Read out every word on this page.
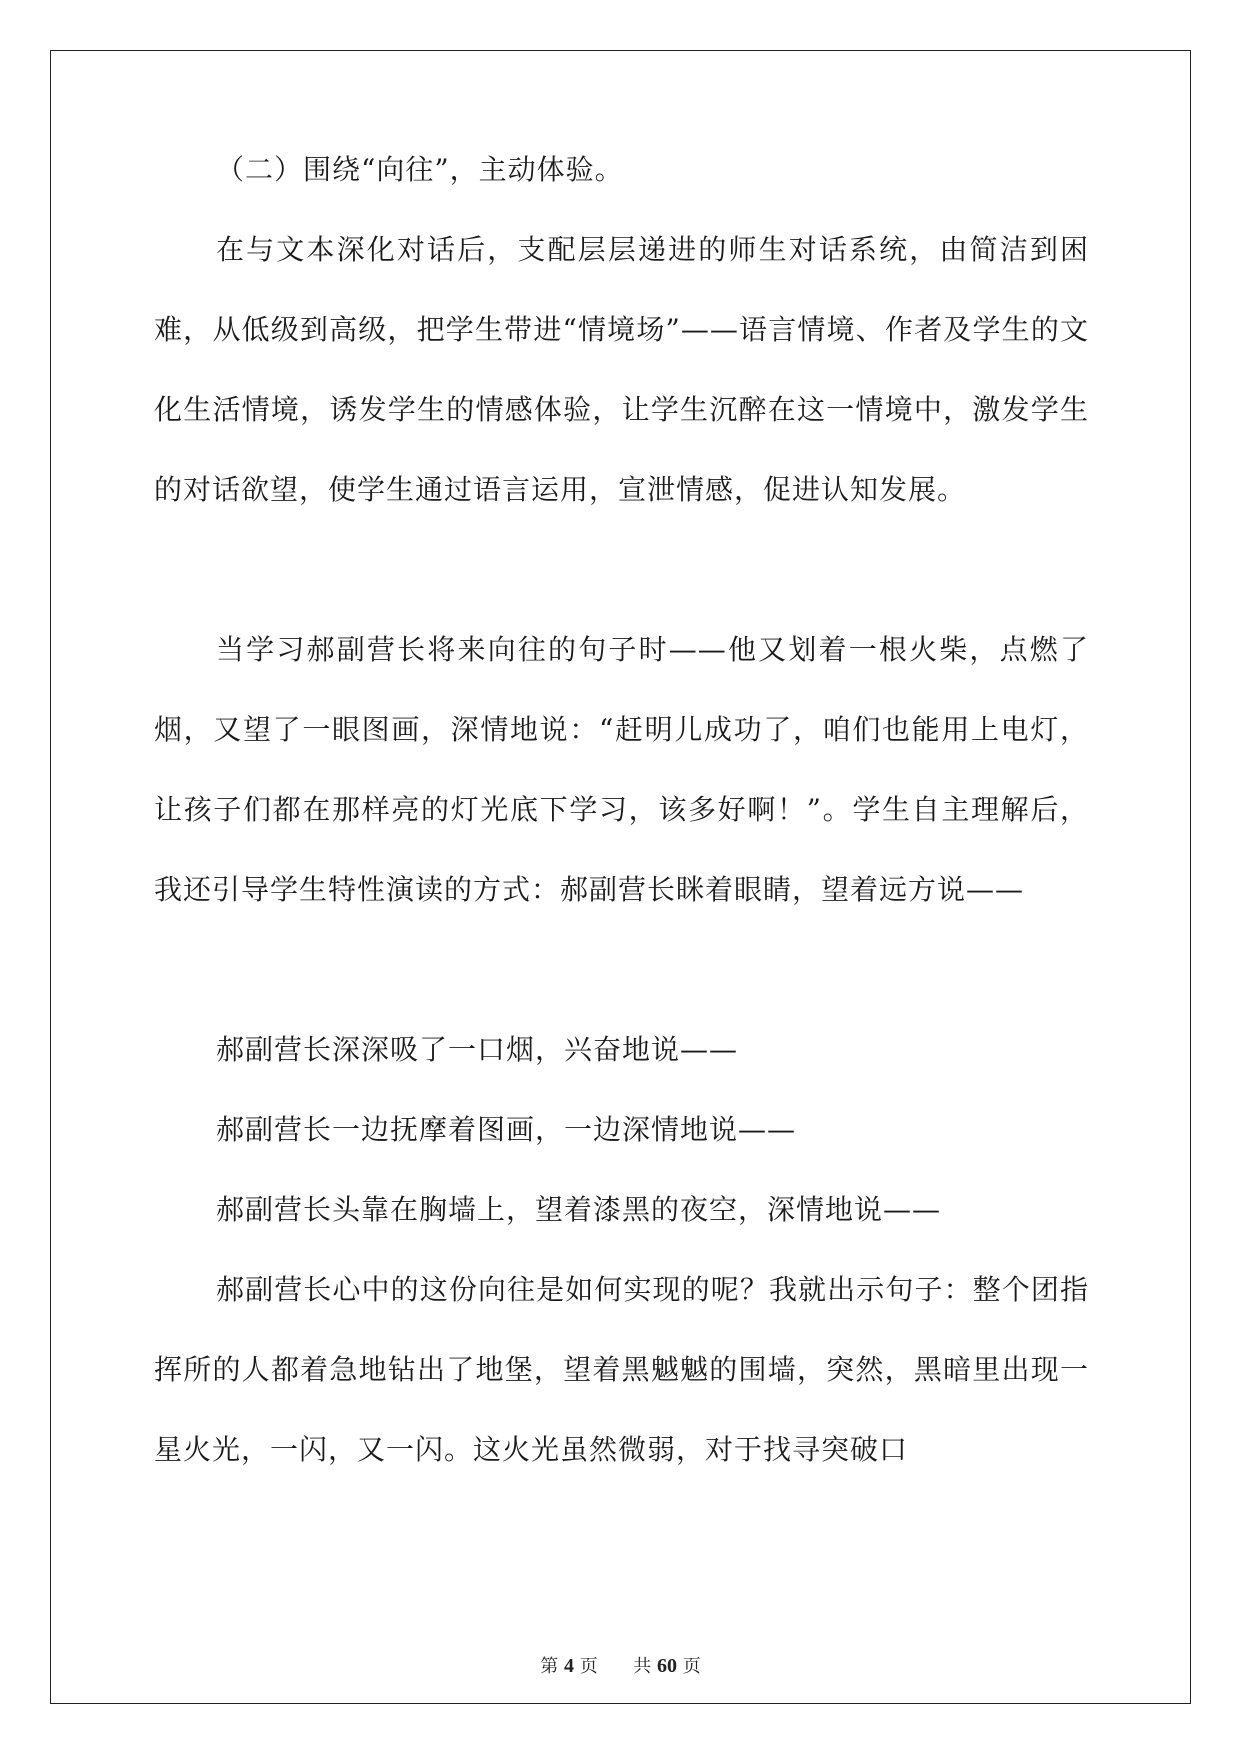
（二）围绕“向往”，主动体验。

在与文本深化对话后，支配层层递进的师生对话系统，由简洁到困难，从低级到高级，把学生带进“情境场”——语言情境、作者及学生的文化生活情境，诱发学生的情感体验，让学生沉醉在这一情境中，激发学生的对话欲望，使学生通过语言运用，宣泄情感，促进认知发展。

当学习郝副营长将来向往的句子时——他又划着一根火柴，点燃了烟，又望了一眼图画，深情地说：“赶明儿成功了，咱们也能用上电灯，让孩子们都在那样亮的灯光底下学习，该多好啊！”。学生自主理解后，我还引导学生特性演读的方式：郝副营长眯着眼睛，望着远方说——

郝副营长深深吸了一口烟，兴奋地说——

郝副营长一边抚摩着图画，一边深情地说——

郝副营长头靠在胸墙上，望着漆黑的夜空，深情地说——

郝副营长心中的这份向往是如何实现的呢？我就出示句子：整个团指挥所的人都着急地钻出了地堡，望着黑魆魆的围墙，突然，黑暗里出现一星火光，一闪，又一闪。这火光虽然微弱，对于找寻突破口

第 4 页 共 60 页
